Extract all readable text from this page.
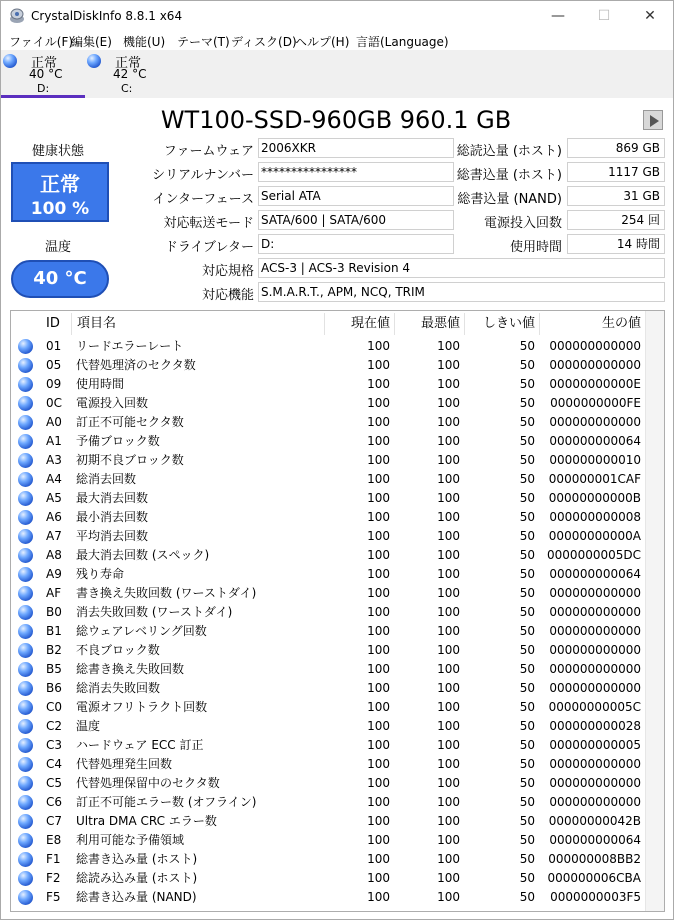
CrystalDiskInfo 8.8.1 x64	—	☐	✕
ファイル(F)
編集(E) 機能(U) テーマ(T) ディスク(D)
ヘルプ(H) 言語(Language)
正常
40 °C
D:
正常
42 °C
C:
WT100-SSD-960GB 960.1 GB
健康状態
正常
100 %
温度
40 °C
ファームウェア 2006XKR
シリアルナンバー ****************
インターフェース Serial ATA
対応転送モード SATA/600 | SATA/600
ドライブレター D:
対応規格 ACS-3 | ACS-3 Revision 4
対応機能 S.M.A.R.T., APM, NCQ, TRIM
総読込量 (ホスト)	869 GB
総書込量 (ホスト)	1117 GB
総書込量 (NAND)	31 GB
電源投入回数	254 回
使用時間	14 時間
ID	項目名	現在値	最悪値	しきい値	生の値
01	リードエラーレート	100	100	50	000000000000
05	代替処理済のセクタ数	100	100	50	000000000000
09	使用時間	100	100	50	00000000000E
0C	電源投入回数	100	100	50	0000000000FE
A0	訂正不可能セクタ数	100	100	50	000000000000
A1	予備ブロック数	100	100	50	000000000064
A3	初期不良ブロック数	100	100	50	000000000010
A4	総消去回数	100	100	50	000000001CAF
A5	最大消去回数	100	100	50	00000000000B
A6	最小消去回数	100	100	50	000000000008
A7	平均消去回数	100	100	50	00000000000A
A8	最大消去回数 (スペック)	100	100	50	0000000005DC
A9	残り寿命	100	100	50	000000000064
AF	書き換え失敗回数 (ワーストダイ)	100	100	50	000000000000
B0	消去失敗回数 (ワーストダイ)	100	100	50	000000000000
B1	総ウェアレベリング回数	100	100	50	000000000000
B2	不良ブロック数	100	100	50	000000000000
B5	総書き換え失敗回数	100	100	50	000000000000
B6	総消去失敗回数	100	100	50	000000000000
C0	電源オフリトラクト回数	100	100	50	00000000005C
C2	温度	100	100	50	000000000028
C3	ハードウェア ECC 訂正	100	100	50	000000000005
C4	代替処理発生回数	100	100	50	000000000000
C5	代替処理保留中のセクタ数	100	100	50	000000000000
C6	訂正不可能エラー数 (オフライン)	100	100	50	000000000000
C7	Ultra DMA CRC エラー数	100	100	50	00000000042B
E8	利用可能な予備領域	100	100	50	000000000064
F1	総書き込み量 (ホスト)	100	100	50	000000008BB2
F2	総読み込み量 (ホスト)	100	100	50	000000006CBA
F5	総書き込み量 (NAND)	100	100	50	0000000003F5
